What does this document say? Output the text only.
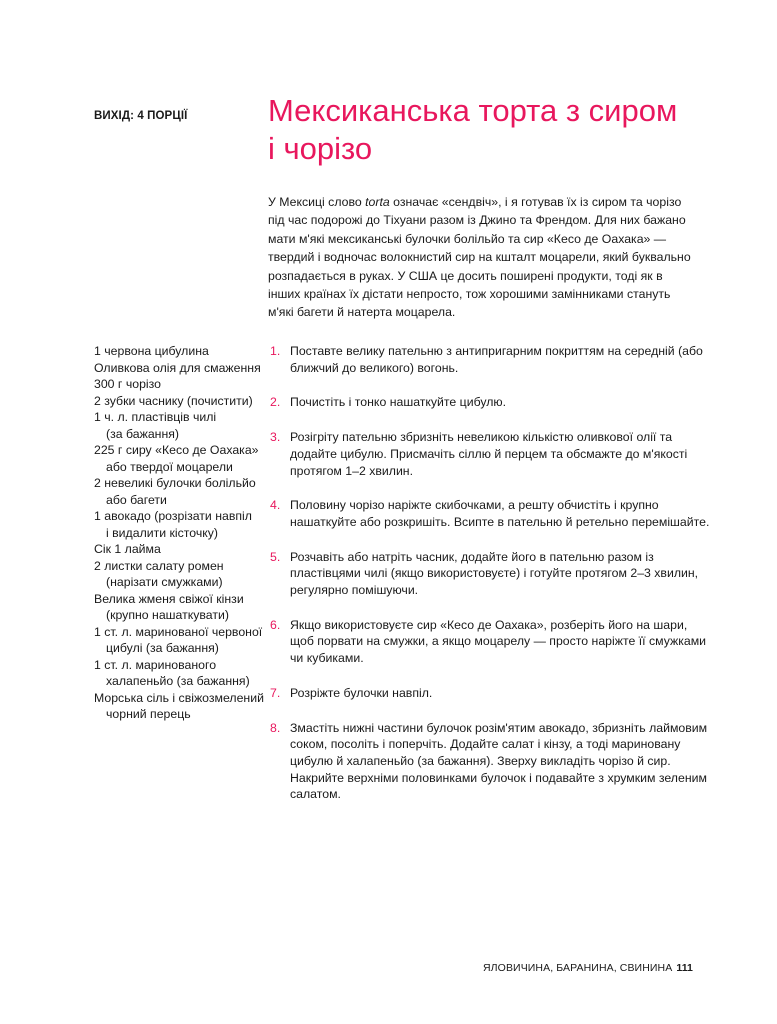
ВИХІД: 4 ПОРЦІЇ	Мексиканська торта з сиром
і чорізо

У Мексиці слово torta означає «сендвіч», і я готував їх із сиром та чорізо під час подорожі до Тіхуани разом із Джино та Френдом. Для них бажано мати м'які мексиканські булочки болільйо та сир «Кесо де Оахака» — твердий і водночас волокнистий сир на кшталт моцарели, який буквально розпадається в руках. У США це досить поширені продукти, тоді як в інших країнах їх дістати непросто, тож хорошими замінниками стануть м'які багети й натерта моцарела.

1 червона цибулина
Оливкова олія для смаження
300 г чорізо
2 зубки часнику (почистити)
1 ч. л. пластівців чилі
(за бажання)
225 г сиру «Кесо де Оахака»
або твердої моцарели
2 невеликі булочки болільйо
або багети
1 авокадо (розрізати навпіл
і видалити кісточку)
Сік 1 лайма
2 листки салату ромен
(нарізати смужками)
Велика жменя свіжої кінзи
(крупно нашаткувати)
1 ст. л. маринованої червоної
цибулі (за бажання)
1 ст. л. маринованого
халапеньйо (за бажання)
Морська сіль і свіжозмелений
чорний перець
1. Поставте велику пательню з антипригарним покриттям на середній (або ближчий до великого) вогонь.
2. Почистіть і тонко нашаткуйте цибулю.
3. Розігріту пательню збризніть невеликою кількістю оливкової олії та додайте цибулю. Присмачіть сіллю й перцем та обсмажте до м'якості протягом 1–2 хвилин.
4. Половину чорізо наріжте скибочками, а решту обчистіть і крупно нашаткуйте або розкришіть. Всипте в пательню й ретельно перемішайте.
5. Розчавіть або натріть часник, додайте його в пательню разом із пластівцями чилі (якщо використовуєте) і готуйте протягом 2–3 хвилин, регулярно помішуючи.
6. Якщо використовуєте сир «Кесо де Оахака», розберіть його на шари, щоб порвати на смужки, а якщо моцарелу — просто наріжте її смужками чи кубиками.
7. Розріжте булочки навпіл.
8. Змастіть нижні частини булочок розім'ятим авокадо, збризніть лаймовим соком, посоліть і поперчіть. Додайте салат і кінзу, а тоді мариновану цибулю й халапеньйо (за бажання). Зверху викладіть чорізо й сир. Накрийте верхніми половинками булочок і подавайте з хрумким зеленим салатом.
ЯЛОВИЧИНА, БАРАНИНА, СВИНИНА 111
